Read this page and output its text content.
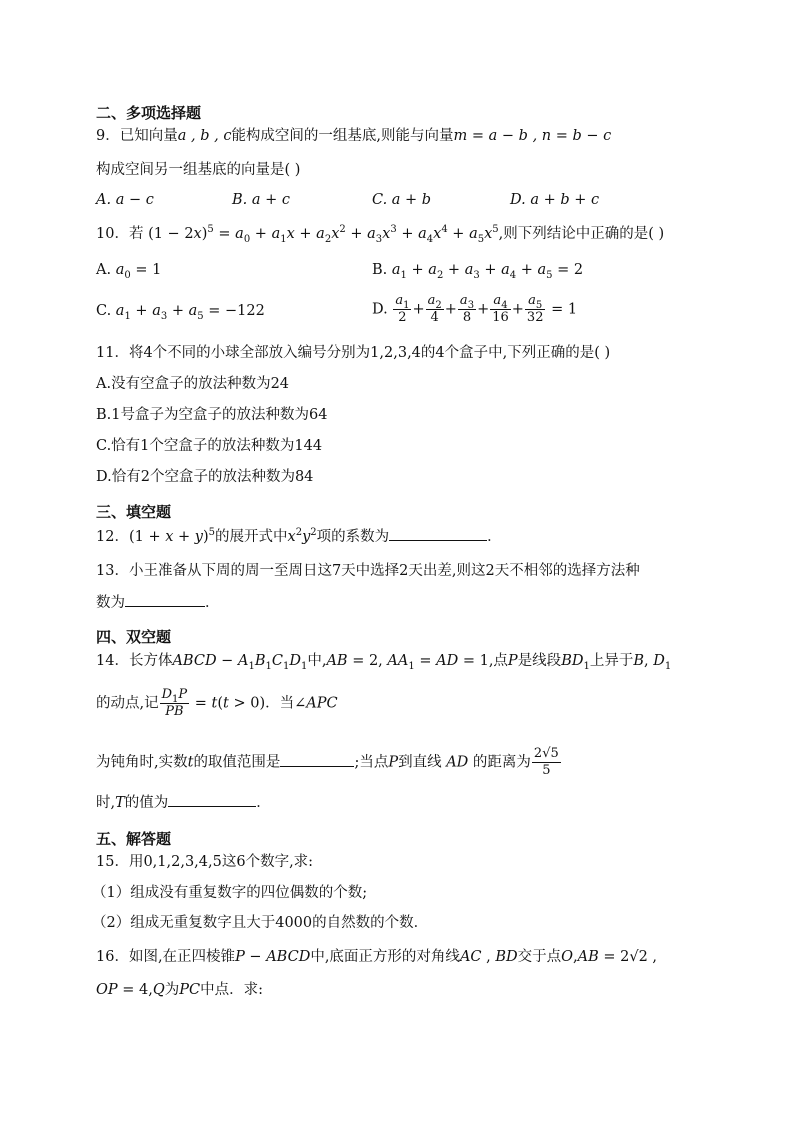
二、多项选择题
9．已知向量a , b , c能构成空间的一组基底,则能与向量m = a − b , n = b − c
构成空间另一组基底的向量是( )
A. a − c	B. a + c	C. a + b	D. a + b + c
10．若 $(1 - 2x)^5 = a_0 + a_1x + a_2x^2 + a_3x^3 + a_4x^4 + a_5x^5$,则下列结论中正确的是( )
A. $a_0 = 1$	B. $a_1 + a_2 + a_3 + a_4 + a_5 = 2$
C. $a_1 + a_3 + a_5 = -122$	D. $\frac{a_1}{2} + \frac{a_2}{4} + \frac{a_3}{8} + \frac{a_4}{16} + \frac{a_5}{32} = 1$
11．将4个不同的小球全部放入编号分别为1,2,3,4的4个盒子中,下列正确的是( )
A.没有空盒子的放法种数为24
B.1号盒子为空盒子的放法种数为64
C.恰有1个空盒子的放法种数为144
D.恰有2个空盒子的放法种数为84
三、填空题
12．$(1 + x + y)^5$的展开式中$x^2y^2$项的系数为	．
13．小王准备从下周的周一至周日这7天中选择2天出差,则这2天不相邻的选择方法种
数为	．
四、双空题
14．长方体ABCD − $A_1B_1C_1D_1$中,AB = 2, $AA_1$ = AD = 1,点P是线段$BD_1$上异于B, $D_1$
的动点,记 $\frac{D_1P}{PB} = t(t > 0)$．当∠APC
为钝角时,实数t的取值范围是	;当点P到直线 AD 的距离为 $\frac{2√5}{5}$
时,T的值为	．
五、解答题
15．用0,1,2,3,4,5这6个数字,求:
（1）组成没有重复数字的四位偶数的个数;
（2）组成无重复数字且大于4000的自然数的个数．
16．如图,在正四棱锥P − ABCD中,底面正方形的对角线AC , BD交于点O,AB = 2√2 ,
OP = 4,Q为PC中点．求:
